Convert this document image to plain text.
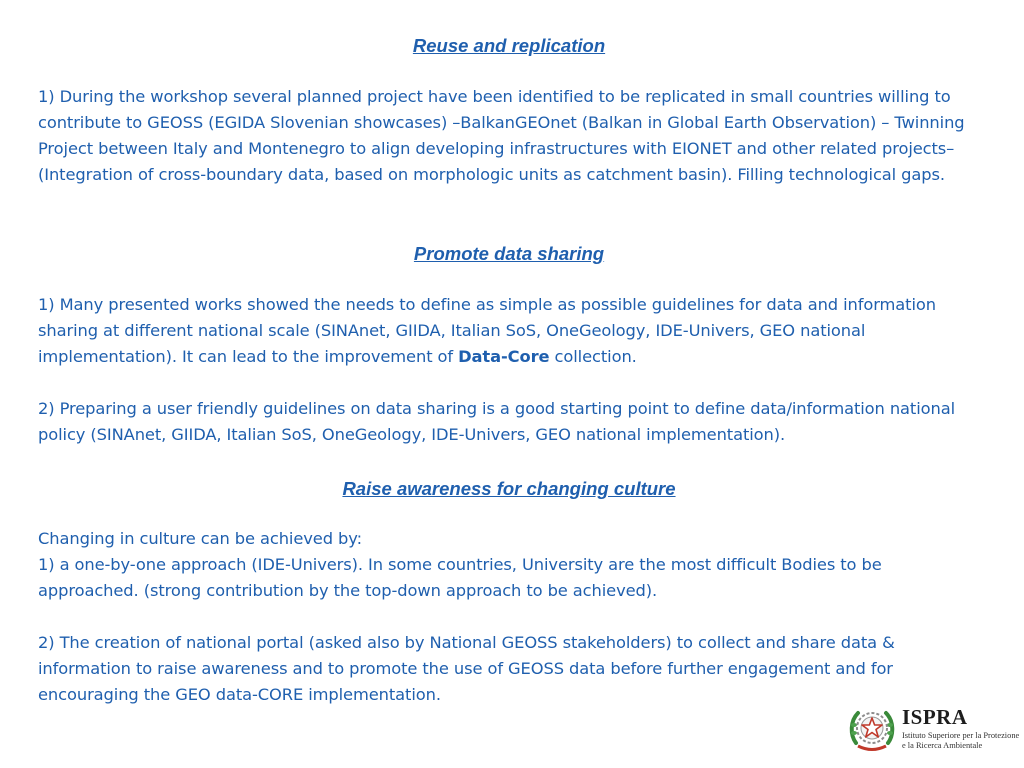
Reuse and replication

1) During the workshop several planned project have been identified to be replicated in small countries willing to contribute to GEOSS (EGIDA Slovenian showcases) –BalkanGEOnet (Balkan in Global Earth Observation) – Twinning Project between Italy and Montenegro to align developing infrastructures with EIONET and other related projects– (Integration of cross-boundary data, based on morphologic units as catchment basin). Filling technological gaps.

Promote data sharing

1) Many presented works showed the needs to define as simple as possible guidelines for data and information sharing at different national scale (SINAnet, GIIDA, Italian SoS, OneGeology, IDE-Univers, GEO national implementation). It can lead to the improvement of Data-Core collection.

2) Preparing a user friendly guidelines on data sharing is a good starting point to define data/information national policy (SINAnet, GIIDA, Italian SoS, OneGeology, IDE-Univers, GEO national implementation).

Raise awareness for changing culture

Changing in culture can be achieved by:

1) a one-by-one approach (IDE-Univers). In some countries, University are the most difficult Bodies to be approached. (strong contribution by the top-down approach to be achieved).

2) The creation of national portal (asked also by National GEOSS stakeholders) to collect and share data & information to raise awareness and to promote the use of GEOSS data before further engagement and for encouraging the GEO data-CORE implementation.

ISPRA
Istituto Superiore per la Protezione
e la Ricerca Ambientale
